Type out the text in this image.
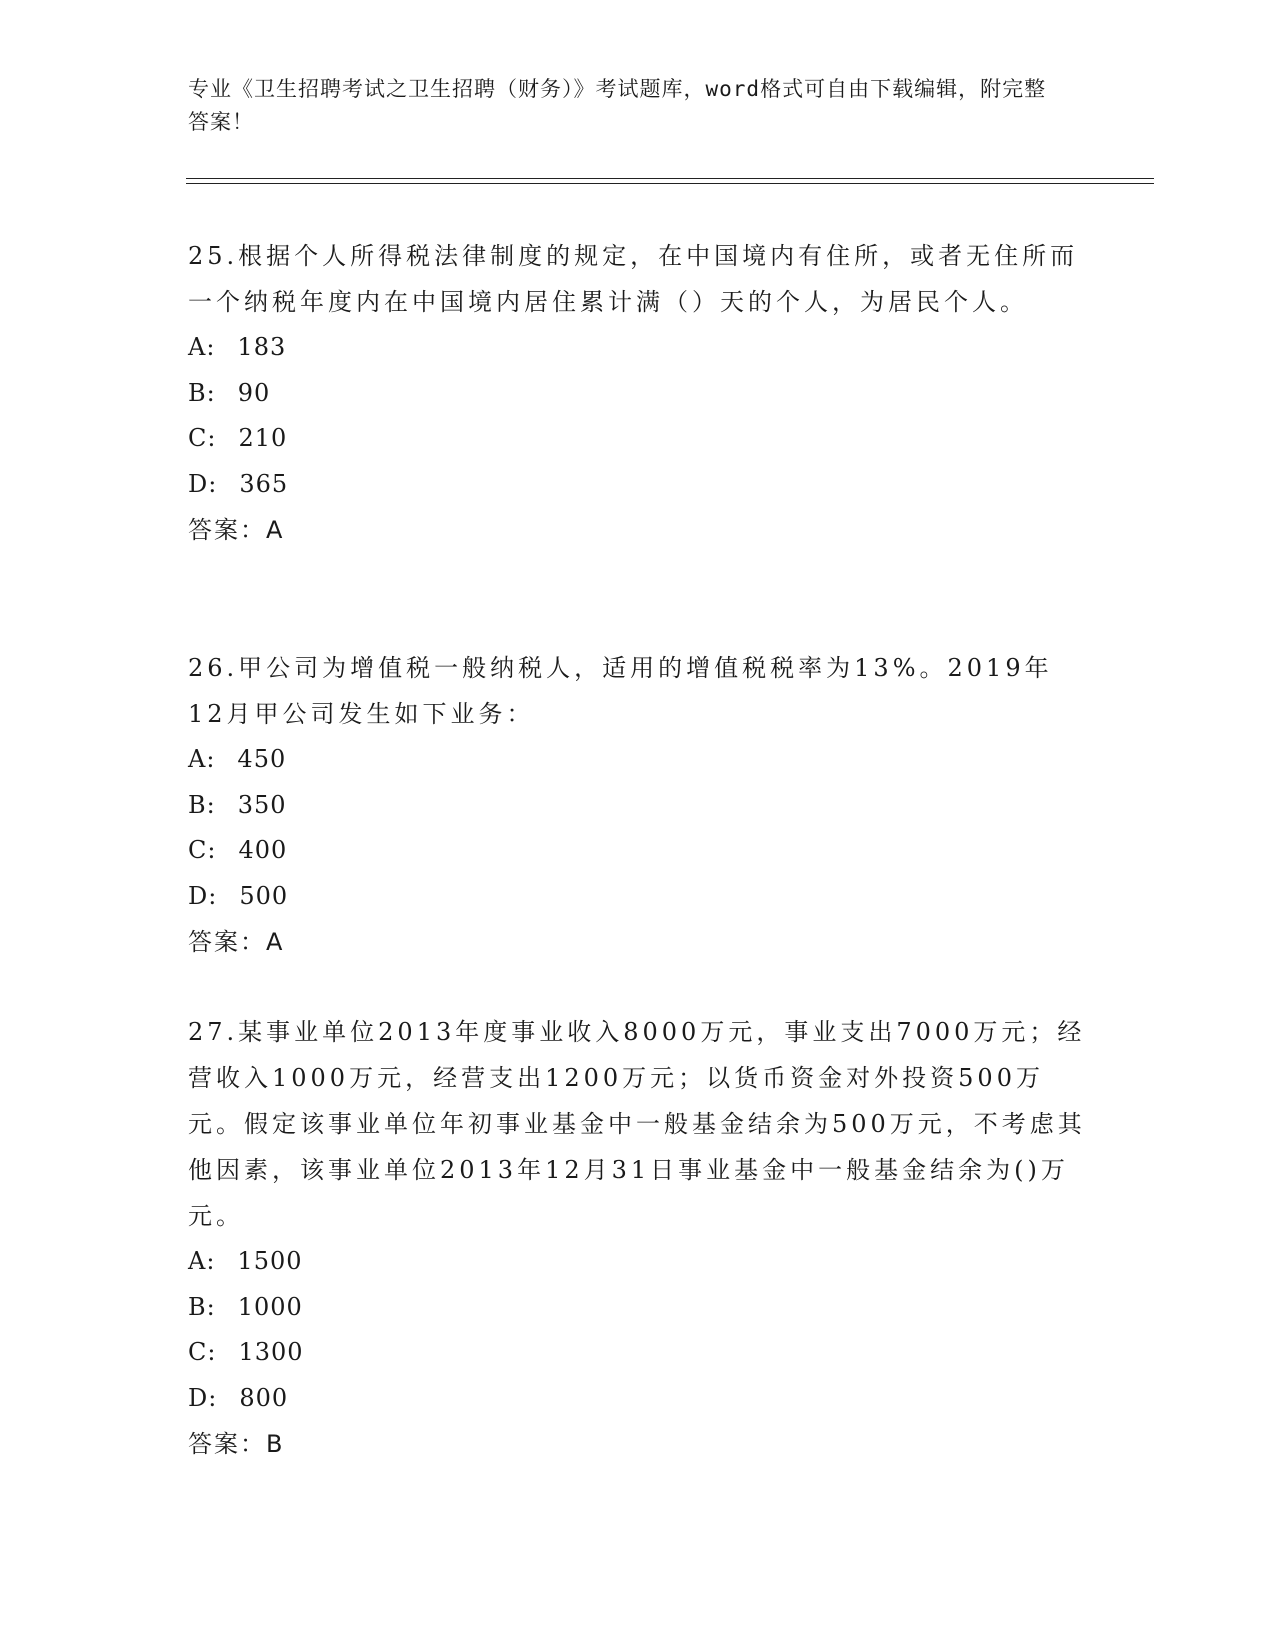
专业《卫生招聘考试之卫生招聘（财务）》考试题库，word格式可自由下载编辑，附完整答案！

25.根据个人所得税法律制度的规定，在中国境内有住所，或者无住所而一个纳税年度内在中国境内居住累计满（）天的个人，为居民个人。

A: 183
B: 90
C: 210
D: 365
答案：A

26.甲公司为增值税一般纳税人，适用的增值税税率为13%。2019年12月甲公司发生如下业务：

A: 450
B: 350
C: 400
D: 500
答案：A

27.某事业单位2013年度事业收入8000万元，事业支出7000万元；经营收入1000万元，经营支出1200万元；以货币资金对外投资500万元。假定该事业单位年初事业基金中一般基金结余为500万元，不考虑其他因素，该事业单位2013年12月31日事业基金中一般基金结余为()万元。

A: 1500
B: 1000
C: 1300
D: 800
答案：B
